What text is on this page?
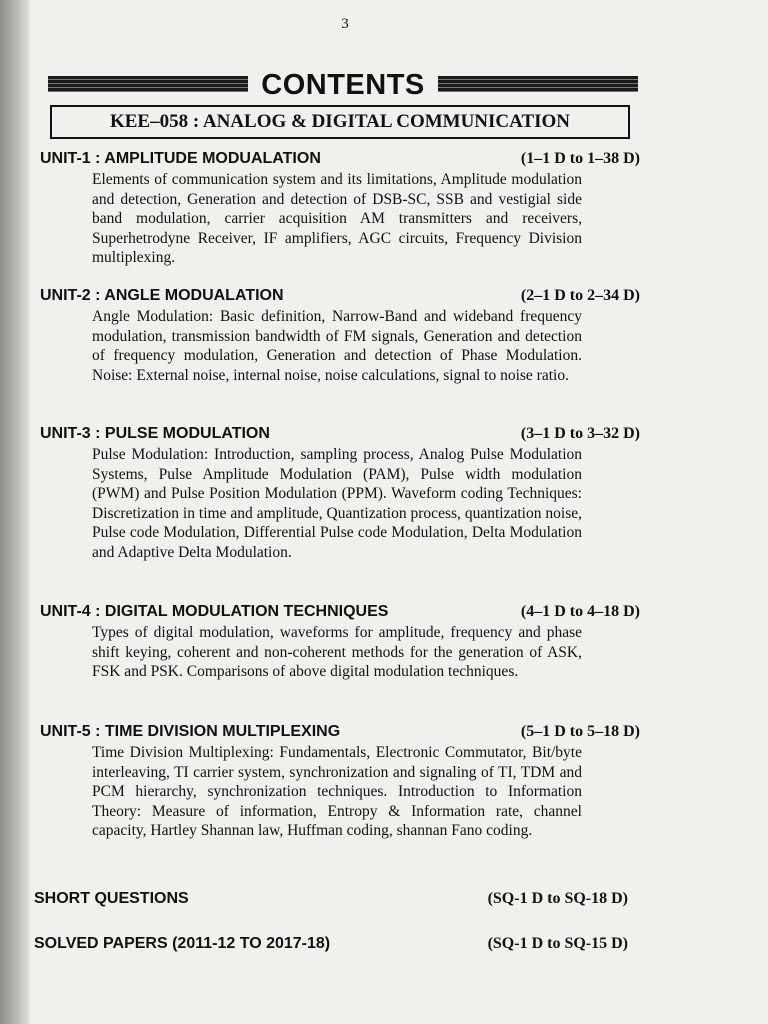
3
CONTENTS
KEE–058 : ANALOG & DIGITAL COMMUNICATION
UNIT-1 : AMPLITUDE MODUALATION	(1–1 D to 1–38 D)
Elements of communication system and its limitations, Amplitude modulation and detection, Generation and detection of DSB-SC, SSB and vestigial side band modulation, carrier acquisition AM transmitters and receivers, Superhetrodyne Receiver, IF amplifiers, AGC circuits, Frequency Division multiplexing.
UNIT-2 : ANGLE MODUALATION	(2–1 D to 2–34 D)
Angle Modulation: Basic definition, Narrow-Band and wideband frequency modulation, transmission bandwidth of FM signals, Generation and detection of frequency modulation, Generation and detection of Phase Modulation. Noise: External noise, internal noise, noise calculations, signal to noise ratio.
UNIT-3 : PULSE MODULATION	(3–1 D to 3–32 D)
Pulse Modulation: Introduction, sampling process, Analog Pulse Modulation Systems, Pulse Amplitude Modulation (PAM), Pulse width modulation (PWM) and Pulse Position Modulation (PPM). Waveform coding Techniques: Discretization in time and amplitude, Quantization process, quantization noise, Pulse code Modulation, Differential Pulse code Modulation, Delta Modulation and Adaptive Delta Modulation.
UNIT-4 : DIGITAL MODULATION TECHNIQUES	(4–1 D to 4–18 D)
Types of digital modulation, waveforms for amplitude, frequency and phase shift keying, coherent and non-coherent methods for the generation of ASK, FSK and PSK. Comparisons of above digital modulation techniques.
UNIT-5 : TIME DIVISION MULTIPLEXING	(5–1 D to 5–18 D)
Time Division Multiplexing: Fundamentals, Electronic Commutator, Bit/byte interleaving, TI carrier system, synchronization and signaling of TI, TDM and PCM hierarchy, synchronization techniques. Introduction to Information Theory: Measure of information, Entropy & Information rate, channel capacity, Hartley Shannan law, Huffman coding, shannan Fano coding.
SHORT QUESTIONS	(SQ-1 D to SQ-18 D)
SOLVED PAPERS (2011-12 TO 2017-18)	(SQ-1 D to SQ-15 D)
